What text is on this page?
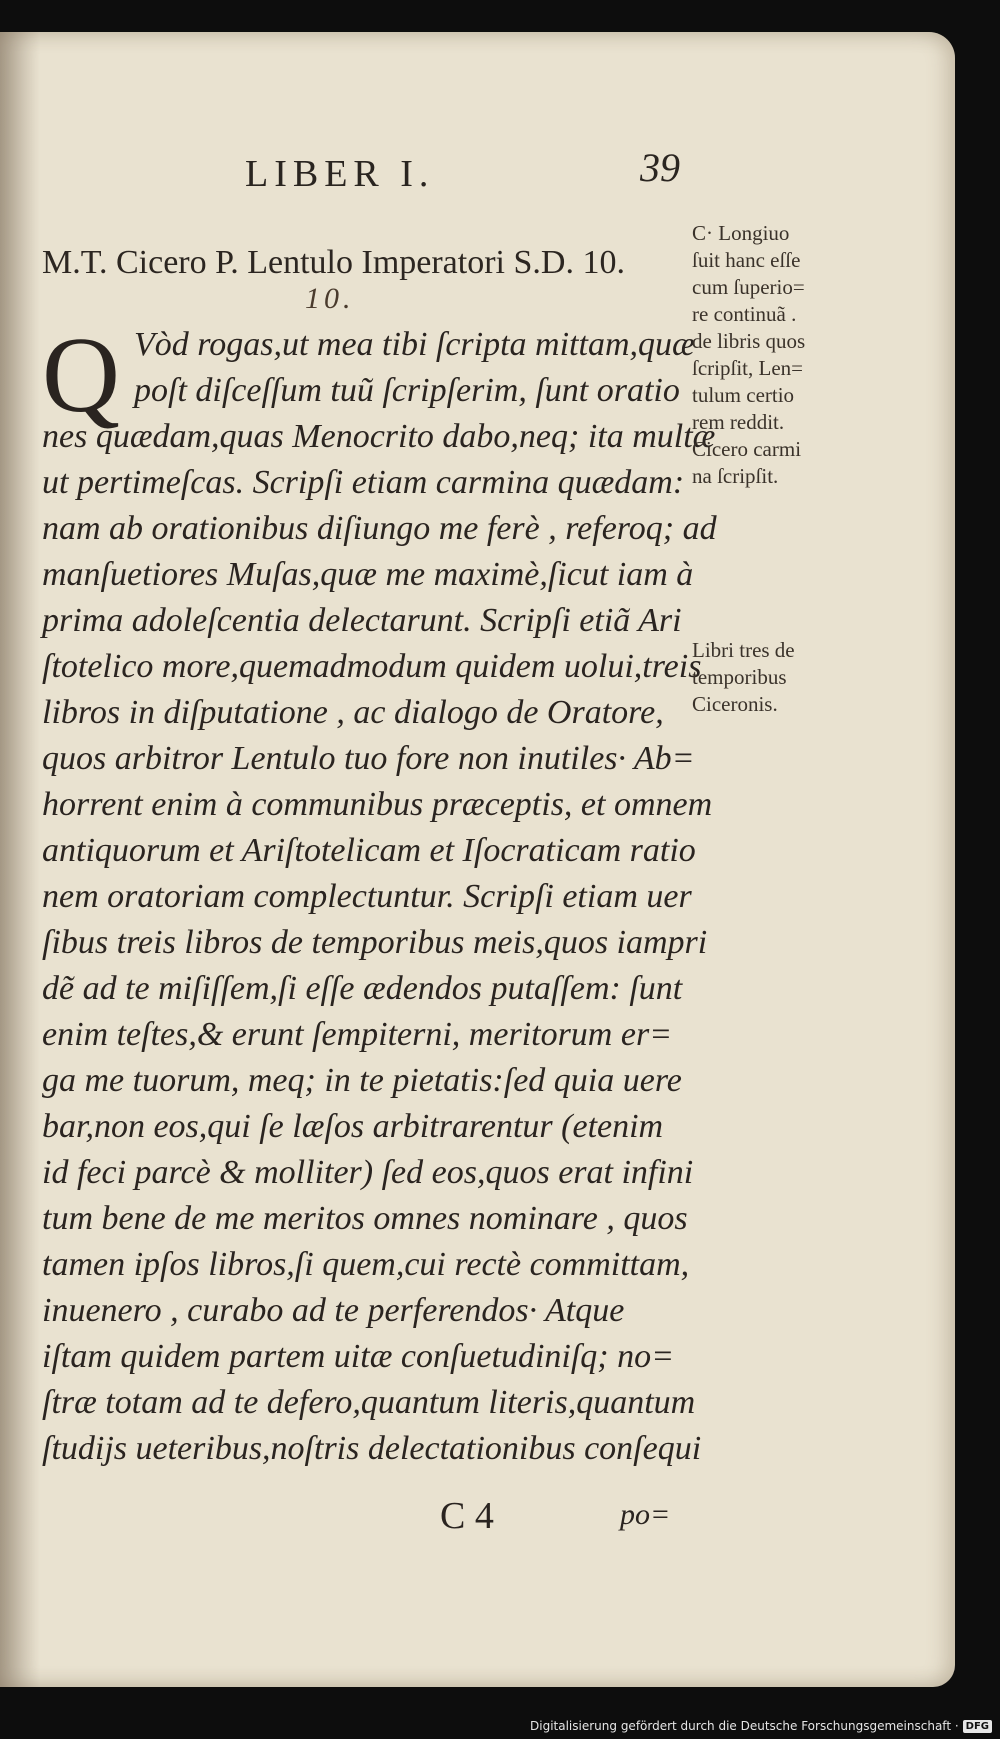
LIBER I.	39
M.T. Cicero P. Lentulo Imperatori S.D. 10.
10.
Q Vòd rogas,ut mea tibi ſcripta mittam,quæ
poſt diſceſſum tuũ ſcripſerim, ſunt oratio
nes quædam,quas Menocrito dabo,neq; ita multæ
ut pertimeſcas. Scripſi etiam carmina quædam:
nam ab orationibus diſiungo me ferè , referoq; ad
manſuetiores Muſas,quæ me maximè,ſicut iam à
prima adoleſcentia delectarunt. Scripſi etiã Ari
ſtotelico more,quemadmodum quidem uolui,treis
libros in diſputatione , ac dialogo de Oratore,
quos arbitror Lentulo tuo fore non inutiles· Ab=
horrent enim à communibus præceptis, et omnem
antiquorum et Ariſtotelicam et Iſocraticam ratio
nem oratoriam complectuntur. Scripſi etiam uer
ſibus treis libros de temporibus meis,quos iampri
dẽ ad te miſiſſem,ſi eſſe ædendos putaſſem: ſunt
enim teſtes,& erunt ſempiterni, meritorum er=
ga me tuorum, meq; in te pietatis:ſed quia uere
bar,non eos,qui ſe læſos arbitrarentur (etenim
id feci parcè & molliter) ſed eos,quos erat infini
tum bene de me meritos omnes nominare , quos
tamen ipſos libros,ſi quem,cui rectè committam,
inuenero , curabo ad te perferendos· Atque
iſtam quidem partem uitæ conſuetudiniſq; no=
ſtræ totam ad te defero,quantum literis,quantum
ſtudijs ueteribus,noſtris delectationibus conſequi
C· Longiuo
ſuit hanc eſſe
cum ſuperio=
re continuã .
de libris quos
ſcripſit, Len=
tulum certio
rem reddit.
Cicero carmi
na ſcripſit.
Libri tres de
temporibus
Ciceronis.
C 4	po=
Digitalisierung gefördert durch die Deutsche Forschungsgemeinschaft · DFG
